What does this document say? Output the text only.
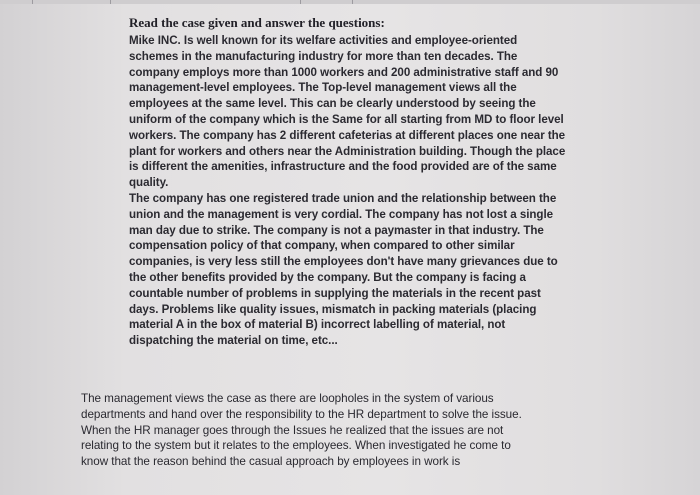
Read the case given and answer the questions:
Mike INC. Is well known for its welfare activities and employee-oriented
schemes in the manufacturing industry for more than ten decades. The
company employs more than 1000 workers and 200 administrative staff and 90
management-level employees. The Top-level management views all the
employees at the same level. This can be clearly understood by seeing the
uniform of the company which is the Same for all starting from MD to floor level
workers. The company has 2 different cafeterias at different places one near the
plant for workers and others near the Administration building. Though the place
is different the amenities, infrastructure and the food provided are of the same
quality.
The company has one registered trade union and the relationship between the
union and the management is very cordial. The company has not lost a single
man day due to strike. The company is not a paymaster in that industry. The
compensation policy of that company, when compared to other similar
companies, is very less still the employees don't have many grievances due to
the other benefits provided by the company. But the company is facing a
countable number of problems in supplying the materials in the recent past
days. Problems like quality issues, mismatch in packing materials (placing
material A in the box of material B) incorrect labelling of material, not
dispatching the material on time, etc...
The management views the case as there are loopholes in the system of various
departments and hand over the responsibility to the HR department to solve the issue.
When the HR manager goes through the Issues he realized that the issues are not
relating to the system but it relates to the employees. When investigated he come to
know that the reason behind the casual approach by employees in work is
